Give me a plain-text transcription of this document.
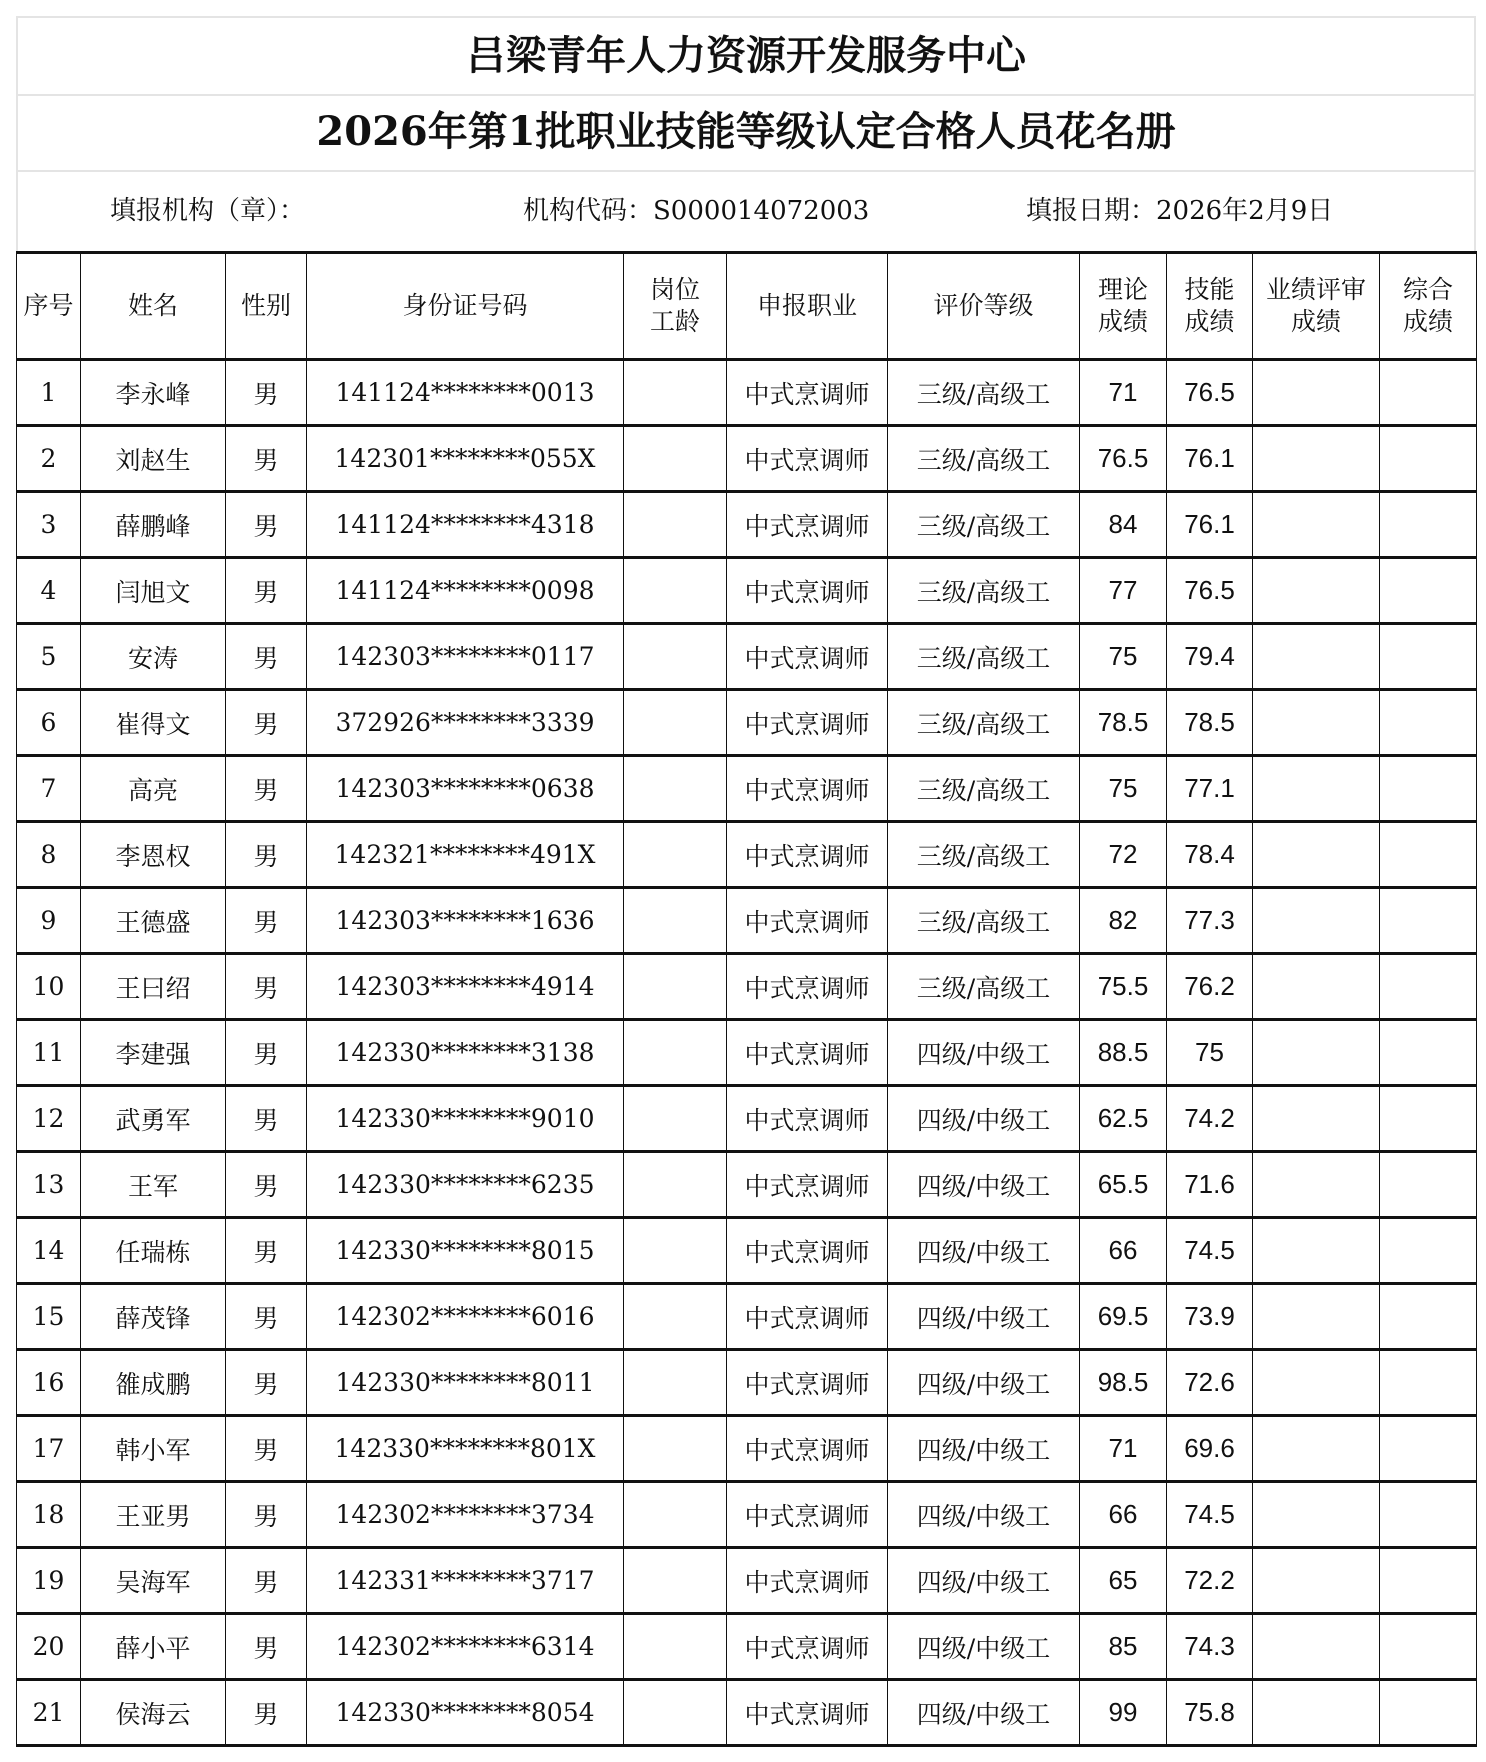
吕梁青年人力资源开发服务中心
2026年第1批职业技能等级认定合格人员花名册
填报机构（章）：	机构代码：S000014072003	填报日期：2026年2月9日
序号	姓名	性别	身份证号码	岗位工龄	申报职业	评价等级	理论成绩	技能成绩	业绩评审成绩	综合成绩
1	李永峰	男	141124********0013		中式烹调师	三级/高级工	71	76.5		
2	刘赵生	男	142301********055X		中式烹调师	三级/高级工	76.5	76.1		
3	薛鹏峰	男	141124********4318		中式烹调师	三级/高级工	84	76.1		
4	闫旭文	男	141124********0098		中式烹调师	三级/高级工	77	76.5		
5	安涛	男	142303********0117		中式烹调师	三级/高级工	75	79.4		
6	崔得文	男	372926********3339		中式烹调师	三级/高级工	78.5	78.5		
7	高亮	男	142303********0638		中式烹调师	三级/高级工	75	77.1		
8	李恩权	男	142321********491X		中式烹调师	三级/高级工	72	78.4		
9	王德盛	男	142303********1636		中式烹调师	三级/高级工	82	77.3		
10	王曰绍	男	142303********4914		中式烹调师	三级/高级工	75.5	76.2		
11	李建强	男	142330********3138		中式烹调师	四级/中级工	88.5	75		
12	武勇军	男	142330********9010		中式烹调师	四级/中级工	62.5	74.2		
13	王军	男	142330********6235		中式烹调师	四级/中级工	65.5	71.6		
14	任瑞栋	男	142330********8015		中式烹调师	四级/中级工	66	74.5		
15	薛茂锋	男	142302********6016		中式烹调师	四级/中级工	69.5	73.9		
16	雒成鹏	男	142330********8011		中式烹调师	四级/中级工	98.5	72.6		
17	韩小军	男	142330********801X		中式烹调师	四级/中级工	71	69.6		
18	王亚男	男	142302********3734		中式烹调师	四级/中级工	66	74.5		
19	吴海军	男	142331********3717		中式烹调师	四级/中级工	65	72.2		
20	薛小平	男	142302********6314		中式烹调师	四级/中级工	85	74.3		
21	侯海云	男	142330********8054		中式烹调师	四级/中级工	99	75.8		
